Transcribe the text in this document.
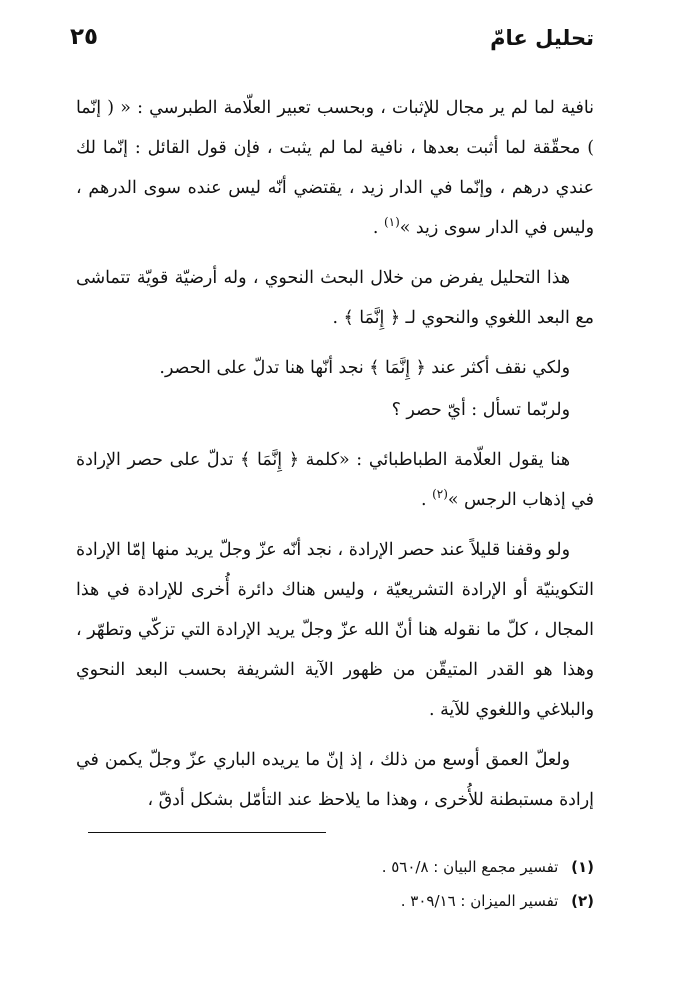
تحليل عامّ
٢٥

نافية لما لم ير مجال للإثبات ، وبحسب تعبير العلّامة الطبرسي : « ( إنّما ) محقّقة لما أثبت بعدها ، نافية لما لم يثبت ، فإن قول القائل : إنّما لك عندي درهم ، وإنّما في الدار زيد ، يقتضي أنّه ليس عنده سوى الدرهم ، وليس في الدار سوى زيد »$^{(١)}$ .

هذا التحليل يفرض من خلال البحث النحوي ، وله أرضيّة قويّة تتماشى مع البعد اللغوي والنحوي لـ ﴿ إِنَّمَا ﴾ .

ولكي نقف أكثر عند ﴿ إِنَّمَا ﴾ نجد أنّها هنا تدلّ على الحصر.

ولربّما تسأل : أيّ حصر ؟

هنا يقول العلّامة الطباطبائي : «كلمة ﴿ إِنَّمَا ﴾ تدلّ على حصر الإرادة في إذهاب الرجس »$^{(٢)}$ .

ولو وقفنا قليلاً عند حصر الإرادة ، نجد أنّه عزّ وجلّ يريد منها إمّا الإرادة التكوينيّة أو الإرادة التشريعيّة ، وليس هناك دائرة أُخرى للإرادة في هذا المجال ، كلّ ما نقوله هنا أنّ الله عزّ وجلّ يريد الإرادة التي تزكّي وتطهّر ، وهذا هو القدر المتيقّن من ظهور الآية الشريفة بحسب البعد النحوي والبلاغي واللغوي للآية .

ولعلّ العمق أوسع من ذلك ، إذ إنّ ما يريده الباري عزّ وجلّ يكمن في إرادة مستبطنة للأُخرى ، وهذا ما يلاحظ عند التأمّل بشكل أدقّ ،

(١) تفسير مجمع البيان : ٥٦٠/٨ .
(٢) تفسير الميزان : ٣٠٩/١٦ .
